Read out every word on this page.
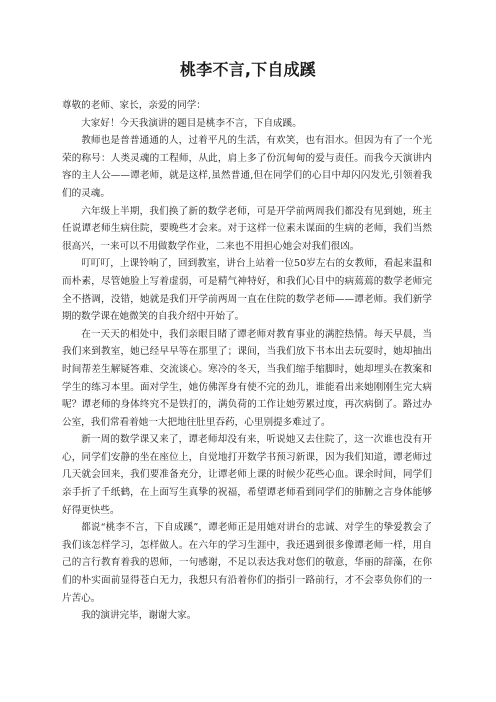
桃李不言,下自成蹊

尊敬的老师、家长，亲爱的同学：

大家好！今天我演讲的题目是桃李不言，下自成蹊。

教师也是普普通通的人，过着平凡的生活，有欢笑，也有泪水。但因为有了一个光荣的称号：人类灵魂的工程师，从此，肩上多了份沉甸甸的爱与责任。而我今天演讲内容的主人公——谭老师，就是这样,虽然普通,但在同学们的心目中却闪闪发光,引领着我们的灵魂。

六年级上半期，我们换了新的数学老师，可是开学前两周我们都没有见到她，班主任说谭老师生病住院，要晚些才会来。对于这样一位素未谋面的生病的老师，我们当然很高兴，一来可以不用做数学作业，二来也不用担心她会对我们很凶。

叮叮叮，上课铃响了，回到教室，讲台上站着一位50岁左右的女教师，看起来温和而朴素，尽管她脸上写着虚弱，可是精气神特好，和我们心目中的病蔫蔫的数学老师完全不搭调，没错，她就是我们开学前两周一直在住院的数学老师——谭老师。我们新学期的数学课在她微笑的自我介绍中开始了。

在一天天的相处中，我们亲眼目睹了谭老师对教育事业的满腔热情。每天早晨，当我们来到教室，她已经早早等在那里了；课间，当我们放下书本出去玩耍时，她却抽出时间帮差生解疑答难、交流谈心。寒冷的冬天，当我们缩手缩脚时，她却埋头在教案和学生的练习本里。面对学生，她仿佛浑身有使不完的劲儿，谁能看出来她刚刚生完大病呢？谭老师的身体终究不是铁打的，满负荷的工作让她劳累过度，再次病倒了。路过办公室，我们常看着她一大把地往肚里吞药，心里别提多难过了。

新一周的数学课又来了，谭老师却没有来，听说她又去住院了，这一次谁也没有开心，同学们安静的坐在座位上，自觉地打开数学书预习新课，因为我们知道，谭老师过几天就会回来，我们要准备充分，让谭老师上课的时候少花些心血。课余时间，同学们亲手折了千纸鹤，在上面写生真挚的祝福，希望谭老师看到同学们的肺腑之言身体能够好得更快些。

都说“桃李不言，下自成蹊”，谭老师正是用她对讲台的忠诚、对学生的挚爱教会了我们该怎样学习，怎样做人。在六年的学习生涯中，我还遇到很多像谭老师一样，用自己的言行教育着我的恩师，一句感谢，不足以表达我对您们的敬意，华丽的辞藻，在你们的朴实面前显得苍白无力，我想只有沿着你们的指引一路前行，才不会辜负你们的一片苦心。

我的演讲完毕，谢谢大家。
